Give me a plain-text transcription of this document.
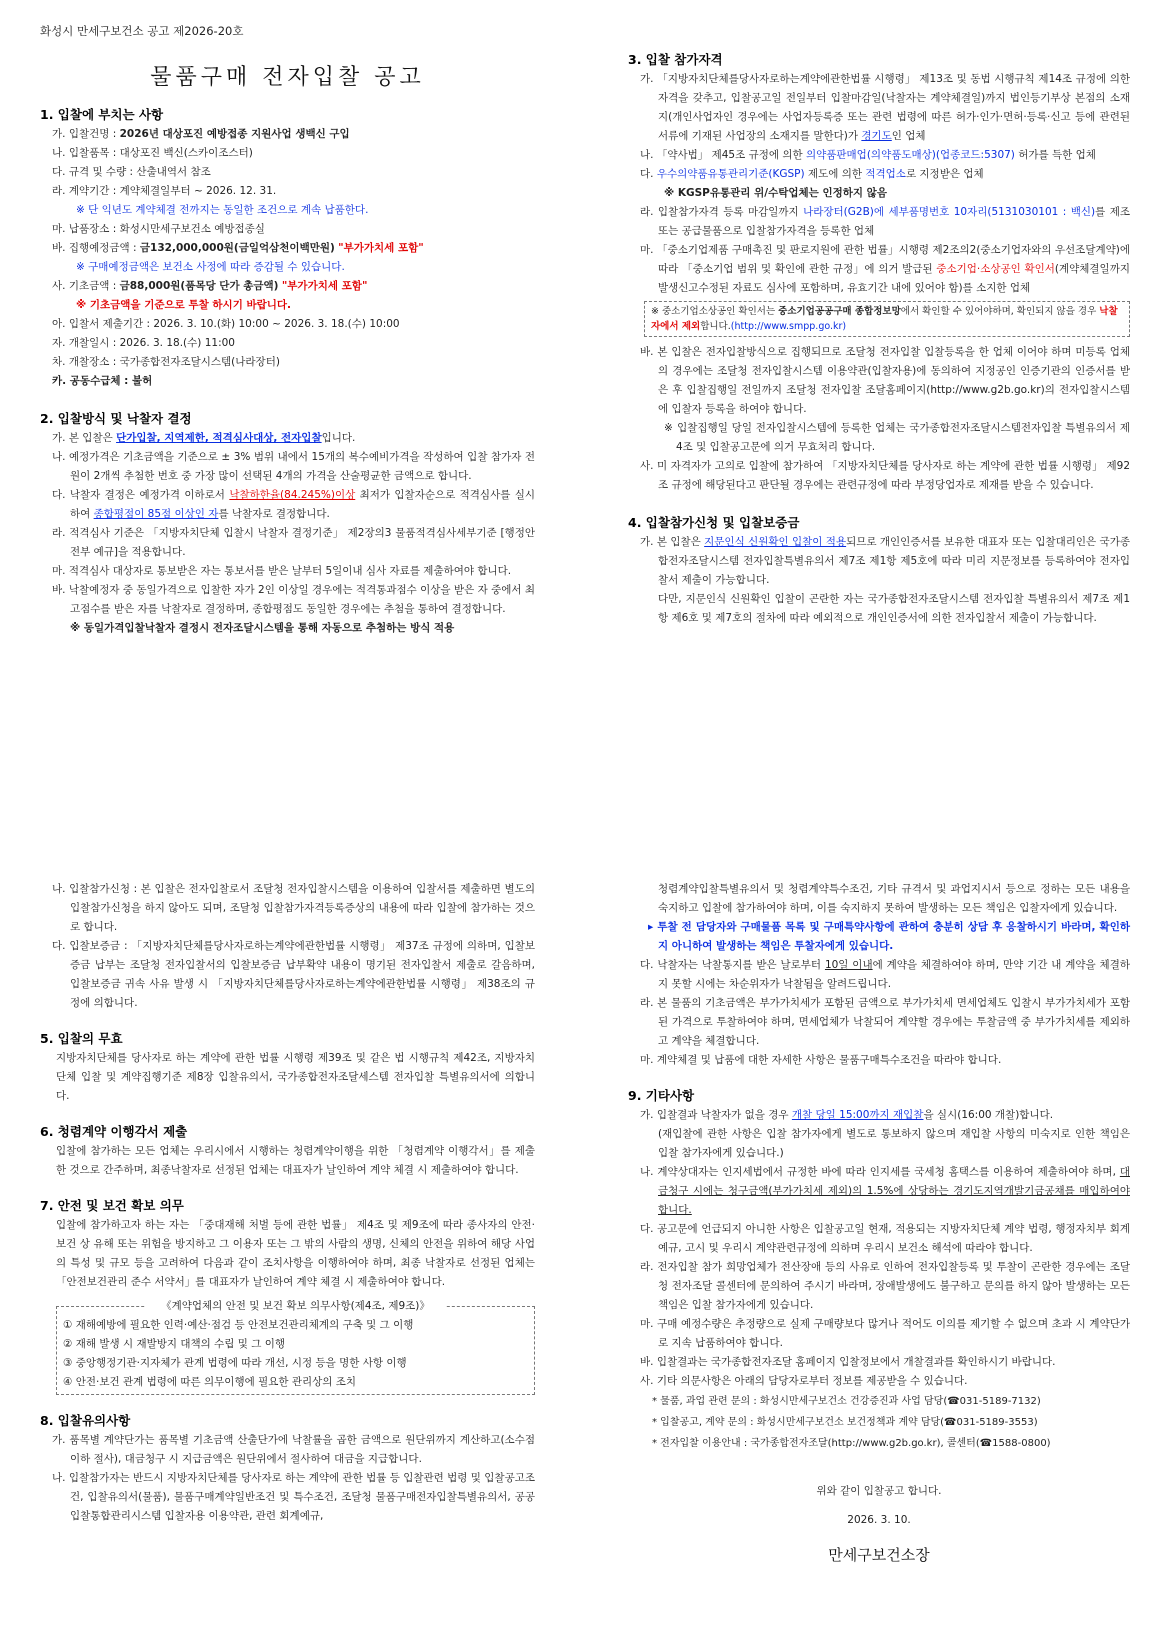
화성시 만세구보건소 공고 제2026-20호

물품구매 전자입찰 공고

1. 입찰에 부치는 사항

가. 입찰건명 : 2026년 대상포진 예방접종 지원사업 생백신 구입

나. 입찰품목 : 대상포진 백신(스카이조스터)

다. 규격 및 수량 : 산출내역서 참조

라. 계약기간 : 계약체결일부터 ~ 2026. 12. 31.

※ 단 익년도 계약체결 전까지는 동일한 조건으로 계속 납품한다.

마. 납품장소 : 화성시만세구보건소 예방접종실

바. 집행예정금액 : 금132,000,000원(금일억삼천이백만원) "부가가치세 포함"

※ 구매예정금액은 보건소 사정에 따라 증감될 수 있습니다.

사. 기초금액 : 금88,000원(품목당 단가 총금액) "부가가치세 포함"

※ 기초금액을 기준으로 투찰 하시기 바랍니다.

아. 입찰서 제출기간 : 2026. 3. 10.(화) 10:00 ~ 2026. 3. 18.(수) 10:00

자. 개찰일시 : 2026. 3. 18.(수) 11:00

차. 개찰장소 : 국가종합전자조달시스템(나라장터)

카. 공동수급체 : 불허

2. 입찰방식 및 낙찰자 결정

가. 본 입찰은 단가입찰, 지역제한, 적격심사대상, 전자입찰입니다.

나. 예정가격은 기초금액을 기준으로 ± 3% 범위 내에서 15개의 복수예비가격을 작성하여 입찰 참가자 전원이 2개씩 추첨한 번호 중 가장 많이 선택된 4개의 가격을 산술평균한 금액으로 합니다.

다. 낙찰자 결정은 예정가격 이하로서 낙찰하한율(84.245%)이상 최저가 입찰자순으로 적격심사를 실시하여 종합평점이 85점 이상인 자를 낙찰자로 결정합니다.

라. 적격심사 기준은 「지방자치단체 입찰시 낙찰자 결정기준」 제2장의3 물품적격심사세부기준 [행정안전부 예규]을 적용합니다.

마. 적격심사 대상자로 통보받은 자는 통보서를 받은 날부터 5일이내 심사 자료를 제출하여야 합니다.

바. 낙찰예정자 중 동일가격으로 입찰한 자가 2인 이상일 경우에는 적격통과점수 이상을 받은 자 중에서 최고점수를 받은 자를 낙찰자로 결정하며, 종합평점도 동일한 경우에는 추첨을 통하여 결정합니다.

※ 동일가격입찰낙찰자 결정시 전자조달시스템을 통해 자동으로 추첨하는 방식 적용

3. 입찰 참가자격

가. 「지방자치단체를당사자로하는계약에관한법률 시행령」 제13조 및 동법 시행규칙 제14조 규정에 의한 자격을 갖추고, 입찰공고일 전일부터 입찰마감일(낙찰자는 계약체결일)까지 법인등기부상 본점의 소재지(개인사업자인 경우에는 사업자등록증 또는 관련 법령에 따른 허가·인가·면허·등록·신고 등에 관련된 서류에 기재된 사업장의 소재지를 말한다)가 경기도인 업체

나. 「약사법」 제45조 규정에 의한 의약품판매업(의약품도매상)(업종코드:5307) 허가를 득한 업체

다. 우수의약품유통관리기준(KGSP) 제도에 의한 적격업소로 지정받은 업체

※ KGSP유통관리 위/수탁업체는 인정하지 않음

라. 입찰참가자격 등록 마감일까지 나라장터(G2B)에 세부품명번호 10자리(5131030101 : 백신)를 제조 또는 공급물품으로 입찰참가자격을 등록한 업체

마. 「중소기업제품 구매촉진 및 판로지원에 관한 법률」시행령 제2조의2(중소기업자와의 우선조달계약)에 따라 「중소기업 범위 및 확인에 관한 규정」에 의거 발급된 중소기업·소상공인 확인서(계약체결일까지 발생신고수정된 자료도 심사에 포함하며, 유효기간 내에 있어야 함)를 소지한 업체

※ 중소기업소상공인 확인서는 중소기업공공구매 종합정보망에서 확인할 수 있어야하며, 확인되지 않을 경우 낙찰자에서 제외합니다.(http://www.smpp.go.kr)

바. 본 입찰은 전자입찰방식으로 집행되므로 조달청 전자입찰 입찰등록을 한 업체 이어야 하며 미등록 업체의 경우에는 조달청 전자입찰시스템 이용약관(입찰자용)에 동의하여 지정공인 인증기관의 인증서를 받은 후 입찰집행일 전일까지 조달청 전자입찰 조달홈페이지(http://www.g2b.go.kr)의 전자입찰시스템에 입찰자 등록을 하여야 합니다.

※ 입찰집행일 당일 전자입찰시스템에 등록한 업체는 국가종합전자조달시스템전자입찰 특별유의서 제4조 및 입찰공고문에 의거 무효처리 합니다.

사. 미 자격자가 고의로 입찰에 참가하여 「지방자치단체를 당사자로 하는 계약에 관한 법률 시행령」 제92조 규정에 해당된다고 판단될 경우에는 관련규정에 따라 부정당업자로 제재를 받을 수 있습니다.

4. 입찰참가신청 및 입찰보증금

가. 본 입찰은 지문인식 신원확인 입찰이 적용되므로 개인인증서를 보유한 대표자 또는 입찰대리인은 국가종합전자조달시스템 전자입찰특별유의서 제7조 제1항 제5호에 따라 미리 지문정보를 등록하여야 전자입찰서 제출이 가능합니다.

다만, 지문인식 신원확인 입찰이 곤란한 자는 국가종합전자조달시스템 전자입찰 특별유의서 제7조 제1항 제6호 및 제7호의 절차에 따라 예외적으로 개인인증서에 의한 전자입찰서 제출이 가능합니다.

나. 입찰참가신청 : 본 입찰은 전자입찰로서 조달청 전자입찰시스템을 이용하여 입찰서를 제출하면 별도의 입찰참가신청을 하지 않아도 되며, 조달청 입찰참가자격등록증상의 내용에 따라 입찰에 참가하는 것으로 합니다.

다. 입찰보증금 : 「지방자치단체를당사자로하는계약에관한법률 시행령」 제37조 규정에 의하며, 입찰보증금 납부는 조달청 전자입찰서의 입찰보증금 납부확약 내용이 명기된 전자입찰서 제출로 갈음하며, 입찰보증금 귀속 사유 발생 시 「지방자치단체를당사자로하는계약에관한법률 시행령」 제38조의 규정에 의합니다.

5. 입찰의 무효

지방자치단체를 당사자로 하는 계약에 관한 법률 시행령 제39조 및 같은 법 시행규칙 제42조, 지방자치단체 입찰 및 계약집행기준 제8장 입찰유의서, 국가종합전자조달세스템 전자입찰 특별유의서에 의합니다.

6. 청렴계약 이행각서 제출

입찰에 참가하는 모든 업체는 우리시에서 시행하는 청렴계약이행을 위한 「청렴계약 이행각서」를 제출한 것으로 간주하며, 최종낙찰자로 선정된 업체는 대표자가 날인하여 계약 체결 시 제출하여야 합니다.

7. 안전 및 보건 확보 의무

입찰에 참가하고자 하는 자는 「중대재해 처벌 등에 관한 법률」 제4조 및 제9조에 따라 종사자의 안전·보건 상 유해 또는 위험을 방지하고 그 이용자 또는 그 밖의 사람의 생명, 신체의 안전을 위하여 해당 사업의 특성 및 규모 등을 고려하여 다음과 같이 조치사항을 이행하여야 하며, 최종 낙찰자로 선정된 업체는 「안전보건관리 준수 서약서」를 대표자가 날인하여 계약 체결 시 제출하여야 합니다.

《계약업체의 안전 및 보건 확보 의무사항(제4조, 제9조)》

① 재해예방에 필요한 인력·예산·점검 등 안전보건관리체계의 구축 및 그 이행

② 재해 발생 시 재발방지 대책의 수립 및 그 이행

③ 중앙행정기관·지자체가 관계 법령에 따라 개선, 시정 등을 명한 사항 이행

④ 안전·보건 관계 법령에 따른 의무이행에 필요한 관리상의 조치

8. 입찰유의사항

가. 품목별 계약단가는 품목별 기초금액 산출단가에 낙찰률을 곱한 금액으로 원단위까지 계산하고(소수점 이하 절사), 대금청구 시 지급금액은 원단위에서 절사하여 대금을 지급합니다.

나. 입찰참가자는 반드시 지방자치단체를 당사자로 하는 계약에 관한 법률 등 입찰관련 법령 및 입찰공고조건, 입찰유의서(물품), 물품구매계약일반조건 및 특수조건, 조달청 물품구매전자입찰특별유의서, 공공입찰통합관리시스템 입찰자용 이용약관, 관련 회계예규,

청렴계약입찰특별유의서 및 청렴계약특수조건, 기타 규격서 및 과업지시서 등으로 정하는 모든 내용을 숙지하고 입찰에 참가하여야 하며, 이를 숙지하지 못하여 발생하는 모든 책임은 입찰자에게 있습니다.

▸ 투찰 전 담당자와 구매물품 목록 및 구매특약사항에 관하여 충분히 상담 후 응찰하시기 바라며, 확인하지 아니하여 발생하는 책임은 투찰자에게 있습니다.

다. 낙찰자는 낙찰통지를 받은 날로부터 10일 이내에 계약을 체결하여야 하며, 만약 기간 내 계약을 체결하지 못할 시에는 차순위자가 낙찰됨을 알려드립니다.

라. 본 물품의 기초금액은 부가가치세가 포함된 금액으로 부가가치세 면세업체도 입찰시 부가가치세가 포함된 가격으로 투찰하여야 하며, 면세업체가 낙찰되어 계약할 경우에는 투찰금액 중 부가가치세를 제외하고 계약을 체결합니다.

마. 계약체결 및 납품에 대한 자세한 사항은 물품구매특수조건을 따라야 합니다.

9. 기타사항

가. 입찰결과 낙찰자가 없을 경우 개찰 당일 15:00까지 재입찰을 실시(16:00 개찰)합니다.

(재입찰에 관한 사항은 입찰 참가자에게 별도로 통보하지 않으며 재입찰 사항의 미숙지로 인한 책임은 입찰 참가자에게 있습니다.)

나. 계약상대자는 인지세법에서 규정한 바에 따라 인지세를 국세청 홈택스를 이용하여 제출하여야 하며, 대금청구 시에는 청구금액(부가가치세 제외)의 1.5%에 상당하는 경기도지역개발기금공채를 매입하여야 합니다.

다. 공고문에 언급되지 아니한 사항은 입찰공고일 현재, 적용되는 지방자치단체 계약 법령, 행정자치부 회계예규, 고시 및 우리시 계약관련규정에 의하며 우리시 보건소 해석에 따라야 합니다.

라. 전자입찰 참가 희망업체가 전산장애 등의 사유로 인하여 전자입찰등록 및 투찰이 곤란한 경우에는 조달청 전자조달 콜센터에 문의하여 주시기 바라며, 장애발생에도 불구하고 문의를 하지 않아 발생하는 모든 책임은 입찰 참가자에게 있습니다.

마. 구매 예정수량은 추정량으로 실제 구매량보다 많거나 적어도 이의를 제기할 수 없으며 초과 시 계약단가로 지속 납품하여야 합니다.

바. 입찰결과는 국가종합전자조달 홈페이지 입찰정보에서 개찰결과를 확인하시기 바랍니다.

사. 기타 의문사항은 아래의 담당자로부터 정보를 제공받을 수 있습니다.

* 물품, 과업 관련 문의 : 화성시만세구보건소 건강증진과 사업 담당(☎031-5189-7132)

* 입찰공고, 계약 문의 : 화성시만세구보건소 보건정책과 계약 담당(☎031-5189-3553)

* 전자입찰 이용안내 : 국가종합전자조달(http://www.g2b.go.kr), 콜센터(☎1588-0800)

위와 같이 입찰공고 합니다.

2026. 3. 10.

만세구보건소장
